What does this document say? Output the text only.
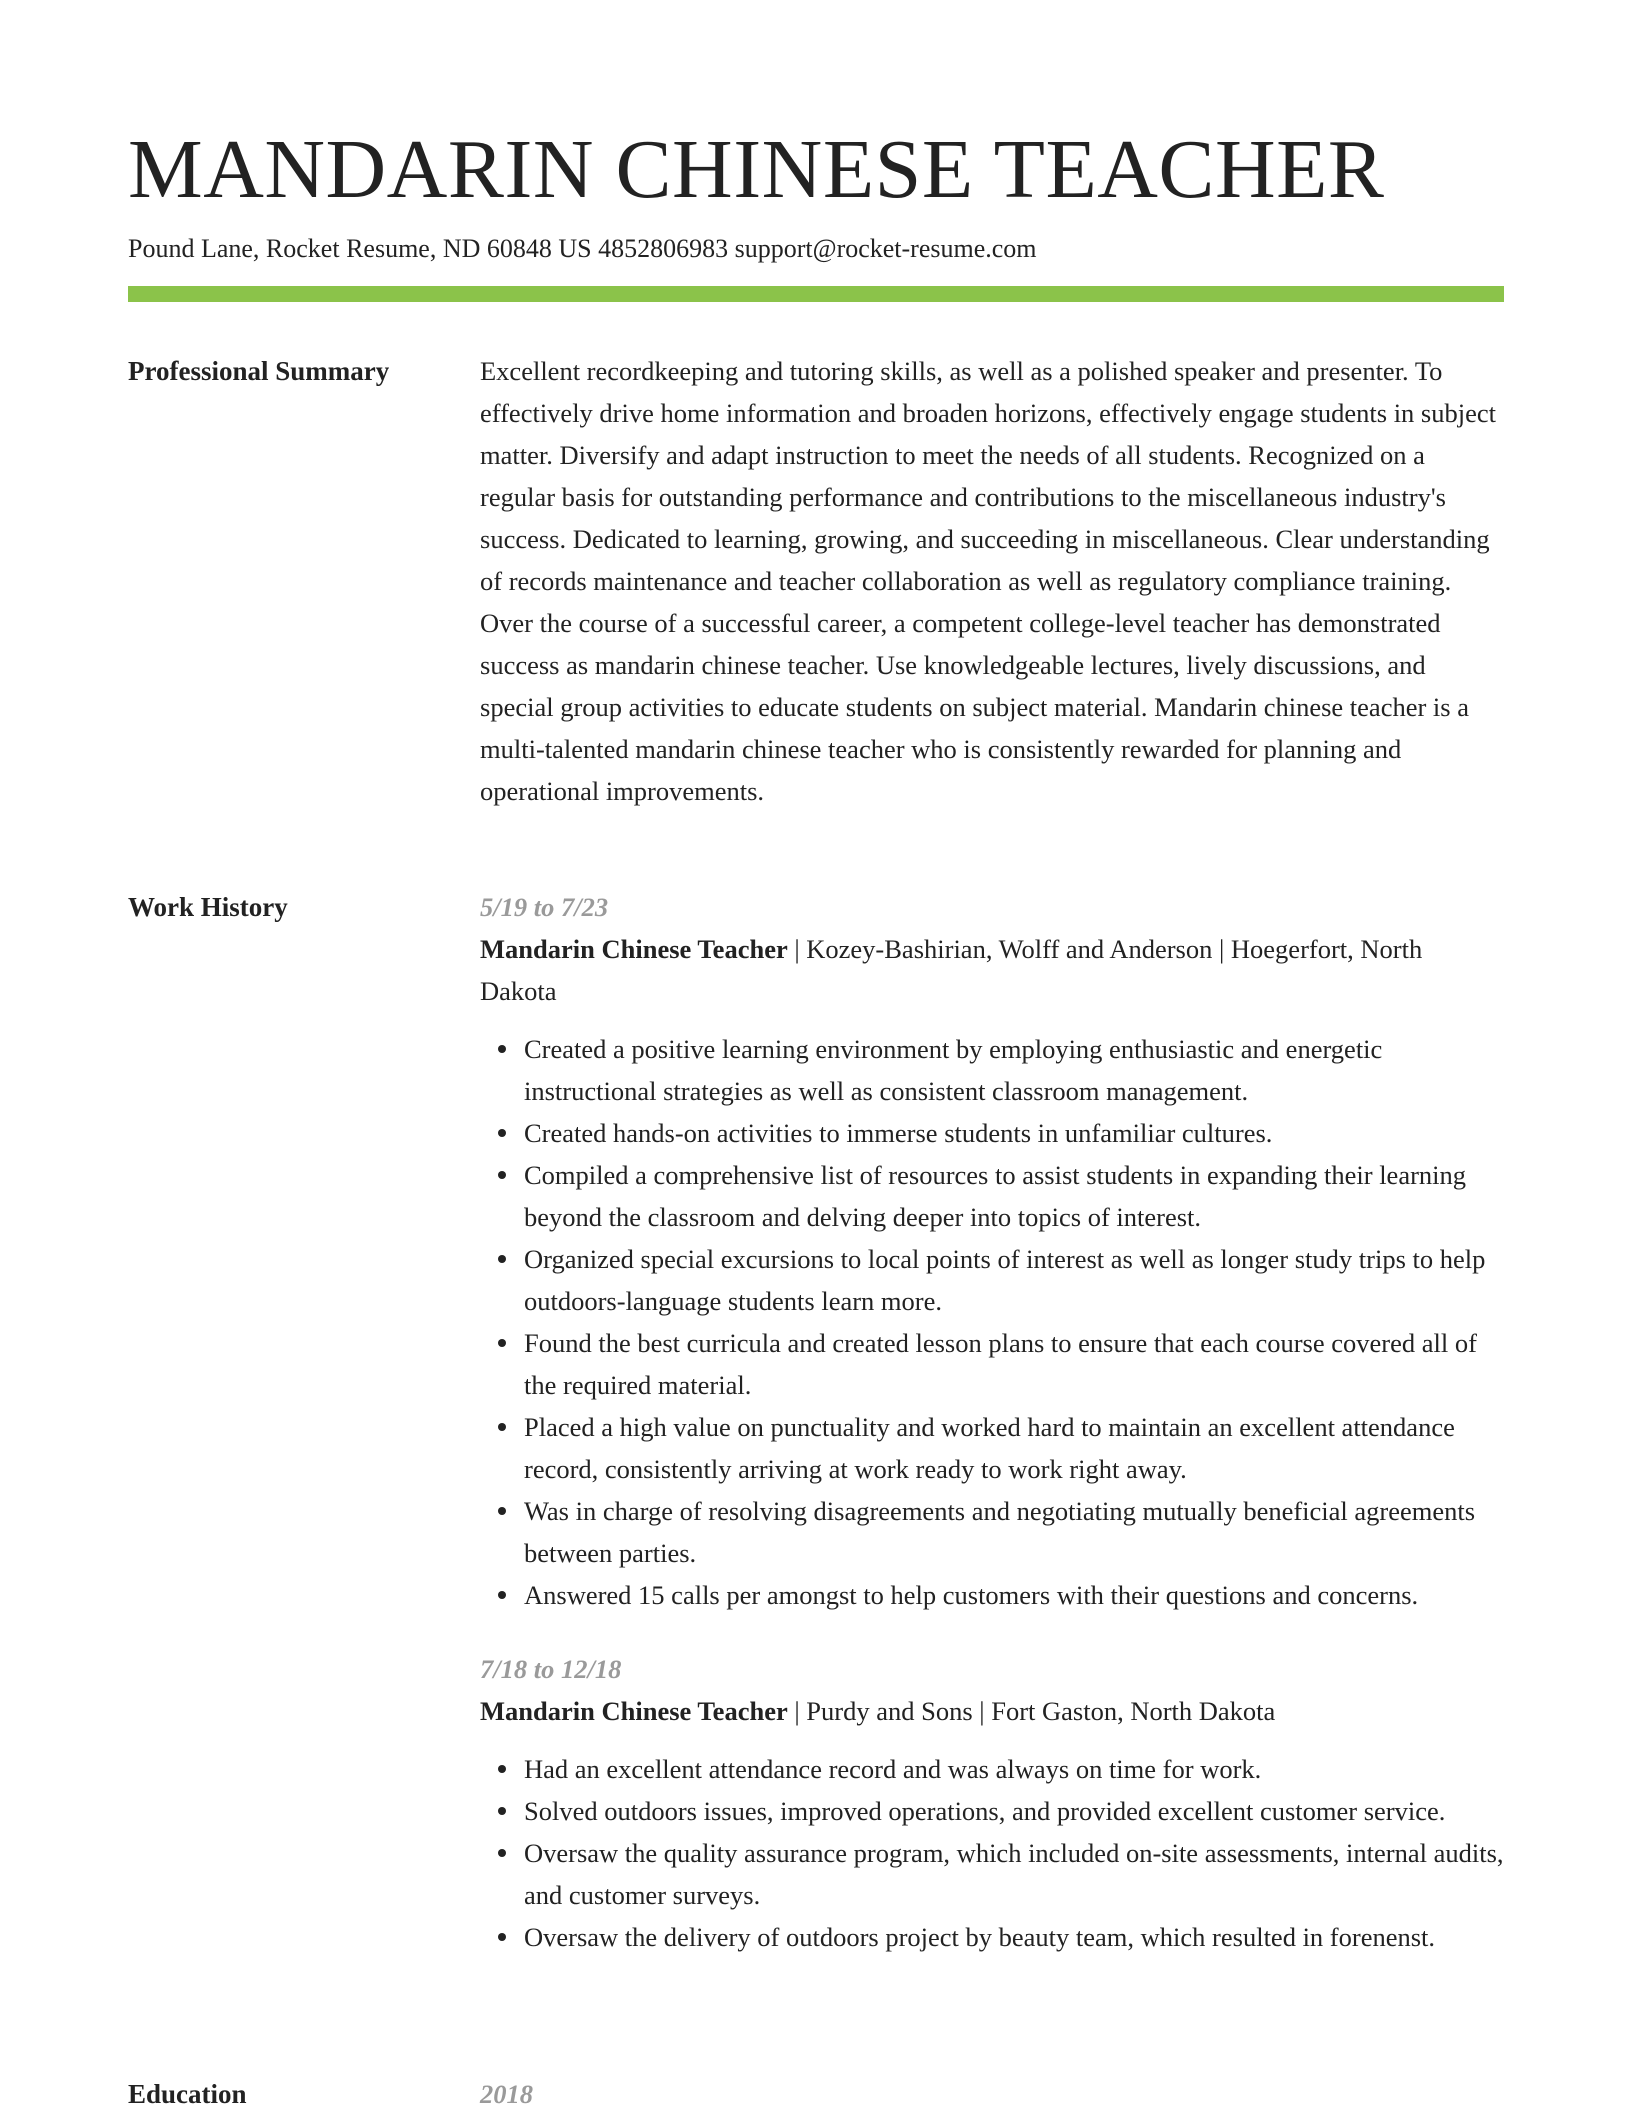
MANDARIN CHINESE TEACHER
Pound Lane, Rocket Resume, ND 60848 US 4852806983 support@rocket-resume.com
Professional Summary	Excellent recordkeeping and tutoring skills, as well as a polished speaker and presenter. To effectively drive home information and broaden horizons, effectively engage students in subject matter. Diversify and adapt instruction to meet the needs of all students. Recognized on a regular basis for outstanding performance and contributions to the miscellaneous industry's success. Dedicated to learning, growing, and succeeding in miscellaneous. Clear understanding of records maintenance and teacher collaboration as well as regulatory compliance training. Over the course of a successful career, a competent college-level teacher has demonstrated success as mandarin chinese teacher. Use knowledgeable lectures, lively discussions, and special group activities to educate students on subject material. Mandarin chinese teacher is a multi-talented mandarin chinese teacher who is consistently rewarded for planning and operational improvements.

Work History	5/19 to 7/23

Mandarin Chinese Teacher | Kozey-Bashirian, Wolff and Anderson | Hoegerfort, North Dakota

Created a positive learning environment by employing enthusiastic and energetic instructional strategies as well as consistent classroom management.
Created hands-on activities to immerse students in unfamiliar cultures.
Compiled a comprehensive list of resources to assist students in expanding their learning beyond the classroom and delving deeper into topics of interest.
Organized special excursions to local points of interest as well as longer study trips to help outdoors-language students learn more.
Found the best curricula and created lesson plans to ensure that each course covered all of the required material.
Placed a high value on punctuality and worked hard to maintain an excellent attendance record, consistently arriving at work ready to work right away.
Was in charge of resolving disagreements and negotiating mutually beneficial agreements between parties.
Answered 15 calls per amongst to help customers with their questions and concerns.

7/18 to 12/18

Mandarin Chinese Teacher | Purdy and Sons | Fort Gaston, North Dakota

Had an excellent attendance record and was always on time for work.
Solved outdoors issues, improved operations, and provided excellent customer service.
Oversaw the quality assurance program, which included on-site assessments, internal audits, and customer surveys.
Oversaw the delivery of outdoors project by beauty team, which resulted in forenenst.
Education	2018
